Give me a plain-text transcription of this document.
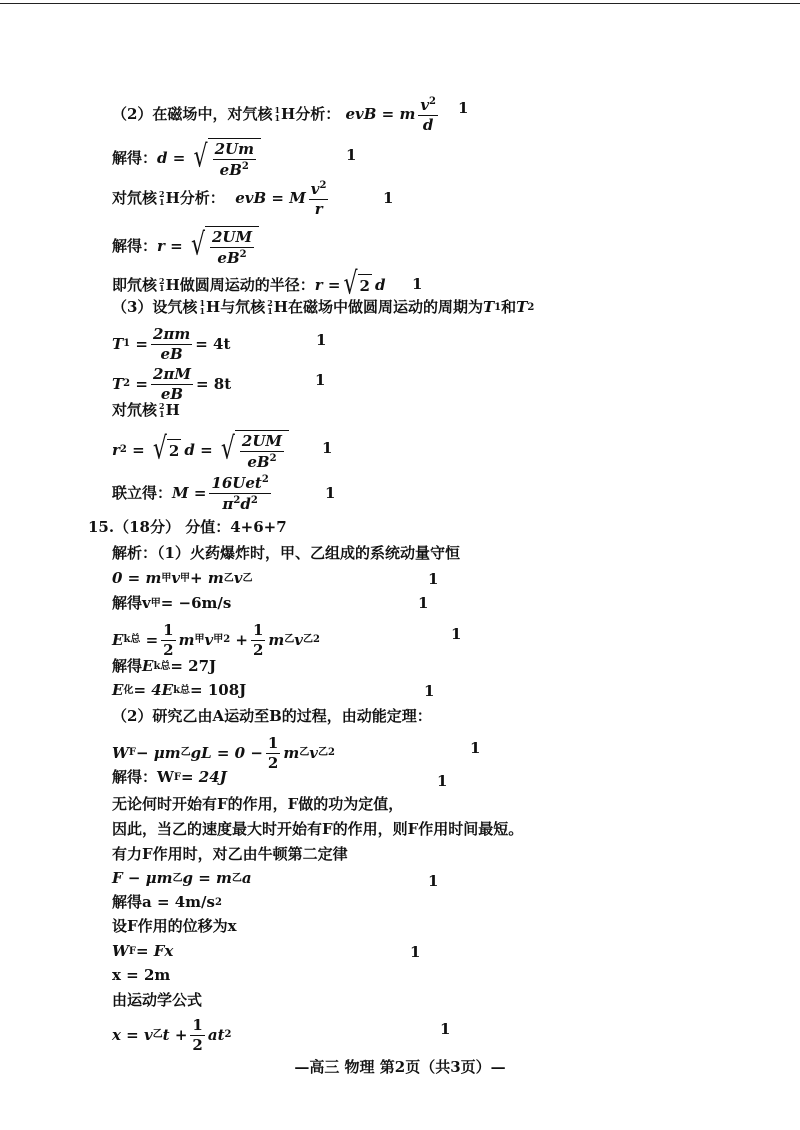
（2）在磁场中，对氕核 1
1 H分析：
evB
=
m $\frac{v^2}{d} 1$
解得： d = √ $\frac{2Um}{eB^2}$	1
对氘核 2
1 H分析：
evB = M $\frac{v^2}{r}$	1
解得： r = √ $\frac{2UM}{eB^2}$
即氘核 2
1 H做圆周运动的半径： r = √ 2 d 1
（3）设氕核 1
1 H与氘核 2
1 H在磁场中做圆周运动的周期为 T 1 和 T 2
T $1 = \frac{2\pi m}{eB} = 4t$	1
T $2 = \frac{2\pi M}{eB} = 8t$	1
对氘核 2
1 H
r 2 = √ 2 d = √ $\frac{2UM}{eB^2}$	1
联立得： $M = \frac{16Uet^2}{\pi^2d^2}$	1
15.（18分） 分值：4+6+7
解析：（1）火药爆炸时，甲、乙组成的系统动量守恒
0 = m 甲 v 甲 + m 乙 v 乙	1
解得v 甲 = −6m/s	1
E k总 = $\frac{1}{2}$ m 甲 v 甲 $2 + \frac{1}{2}$ m 乙 v 乙 2	1
解得 E k总 = 27J
E 化 = 4E k总 = 108J	1
（2）研究乙由A运动至B的过程，由动能定理：
W F − μm 乙 gL = $0 - \frac{1}{2}$ m 乙 v 乙 2	1
解得：W F = 24J	1
无论何时开始有F的作用，F做的功为定值，
因此，当乙的速度最大时开始有F的作用，则F作用时间最短。
有力F作用时，对乙由牛顿第二定律
F − μm 乙 g = m 乙 a	1
解得a = 4m/s 2
设F作用的位移为x
W F = Fx	1
x = 2m
由运动学公式
x = v 乙 $t + \frac{1}{2}$ at 2	1
—高三 物理 第2页（共3页）—
